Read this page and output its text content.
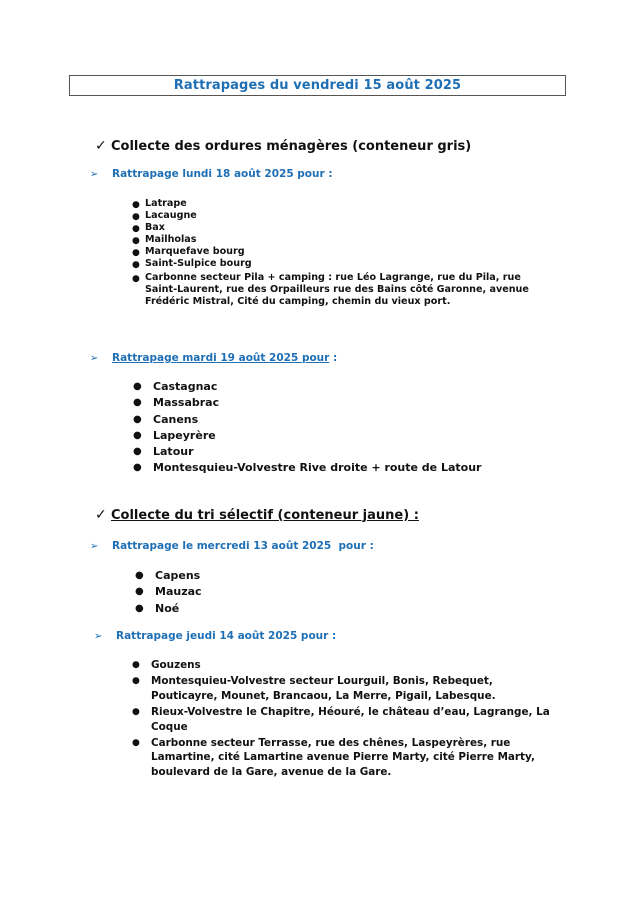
Rattrapages du vendredi 15 août 2025
✓ Collecte des ordures ménagères (conteneur gris)
➢	Rattrapage lundi 18 août 2025 pour :
● Latrape
● Lacaugne
● Bax
● Mailholas
● Marquefave bourg
● Saint-Sulpice bourg
● Carbonne secteur Pila + camping : rue Léo Lagrange, rue du Pila, rue Saint-Laurent, rue des Orpailleurs rue des Bains côté Garonne, avenue Frédéric Mistral, Cité du camping, chemin du vieux port.
➢	Rattrapage mardi 19 août 2025 pour :
● Castagnac
● Massabrac
● Canens
● Lapeyrère
● Latour
● Montesquieu-Volvestre Rive droite + route de Latour
✓ Collecte du tri sélectif (conteneur jaune) :
➢	Rattrapage le mercredi 13 août 2025  pour :
● Capens
● Mauzac
● Noé
➢	Rattrapage jeudi 14 août 2025 pour :
● Gouzens
● Montesquieu-Volvestre secteur Lourguil, Bonis, Rebequet, Pouticayre, Mounet, Brancaou, La Merre, Pigail, Labesque.
● Rieux-Volvestre le Chapitre, Héouré, le château d’eau, Lagrange, La Coque
● Carbonne secteur Terrasse, rue des chênes, Laspeyrères, rue Lamartine, cité Lamartine avenue Pierre Marty, cité Pierre Marty, boulevard de la Gare, avenue de la Gare.
